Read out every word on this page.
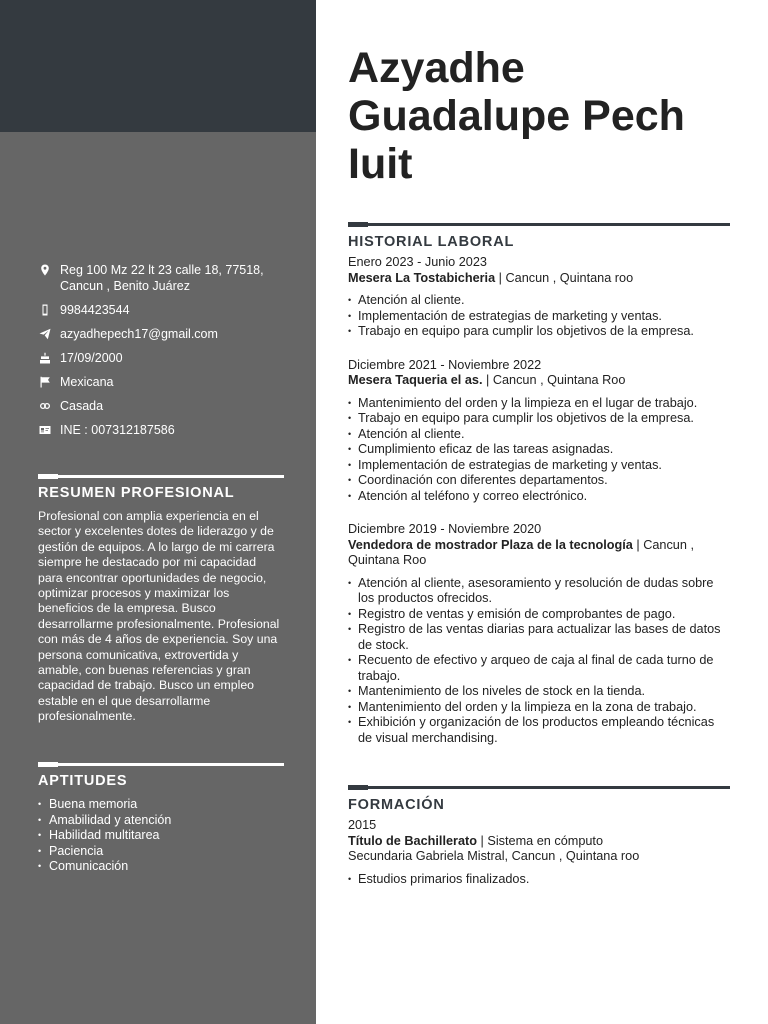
Reg 100 Mz 22 lt 23 calle 18, 77518, Cancun , Benito Juárez
9984423544
azyadhepech17@gmail.com
17/09/2000
Mexicana
Casada
INE : 007312187586
RESUMEN PROFESIONAL
Profesional con amplia experiencia en el sector y excelentes dotes de liderazgo y de gestión de equipos. A lo largo de mi carrera siempre he destacado por mi capacidad para encontrar oportunidades de negocio, optimizar procesos y maximizar los beneficios de la empresa. Busco desarrollarme profesionalmente. Profesional con más de 4 años de experiencia. Soy una persona comunicativa, extrovertida y amable, con buenas referencias y gran capacidad de trabajo. Busco un empleo estable en el que desarrollarme profesionalmente.
APTITUDES
• Buena memoria
• Amabilidad y atención
• Habilidad multitarea
• Paciencia
• Comunicación
Azyadhe Guadalupe Pech Iuit
HISTORIAL LABORAL
Enero 2023 - Junio 2023
Mesera La Tostabicheria | Cancun , Quintana roo
• Atención al cliente.
• Implementación de estrategias de marketing y ventas.
• Trabajo en equipo para cumplir los objetivos de la empresa.
Diciembre 2021 - Noviembre 2022
Mesera Taqueria el as. | Cancun , Quintana Roo
• Mantenimiento del orden y la limpieza en el lugar de trabajo.
• Trabajo en equipo para cumplir los objetivos de la empresa.
• Atención al cliente.
• Cumplimiento eficaz de las tareas asignadas.
• Implementación de estrategias de marketing y ventas.
• Coordinación con diferentes departamentos.
• Atención al teléfono y correo electrónico.
Diciembre 2019 - Noviembre 2020
Vendedora de mostrador Plaza de la tecnología | Cancun , Quintana Roo
• Atención al cliente, asesoramiento y resolución de dudas sobre los productos ofrecidos.
• Registro de ventas y emisión de comprobantes de pago.
• Registro de las ventas diarias para actualizar las bases de datos de stock.
• Recuento de efectivo y arqueo de caja al final de cada turno de trabajo.
• Mantenimiento de los niveles de stock en la tienda.
• Mantenimiento del orden y la limpieza en la zona de trabajo.
• Exhibición y organización de los productos empleando técnicas de visual merchandising.
FORMACIÓN
2015
Título de Bachillerato | Sistema en cómputo
Secundaria Gabriela Mistral, Cancun , Quintana roo
• Estudios primarios finalizados.
